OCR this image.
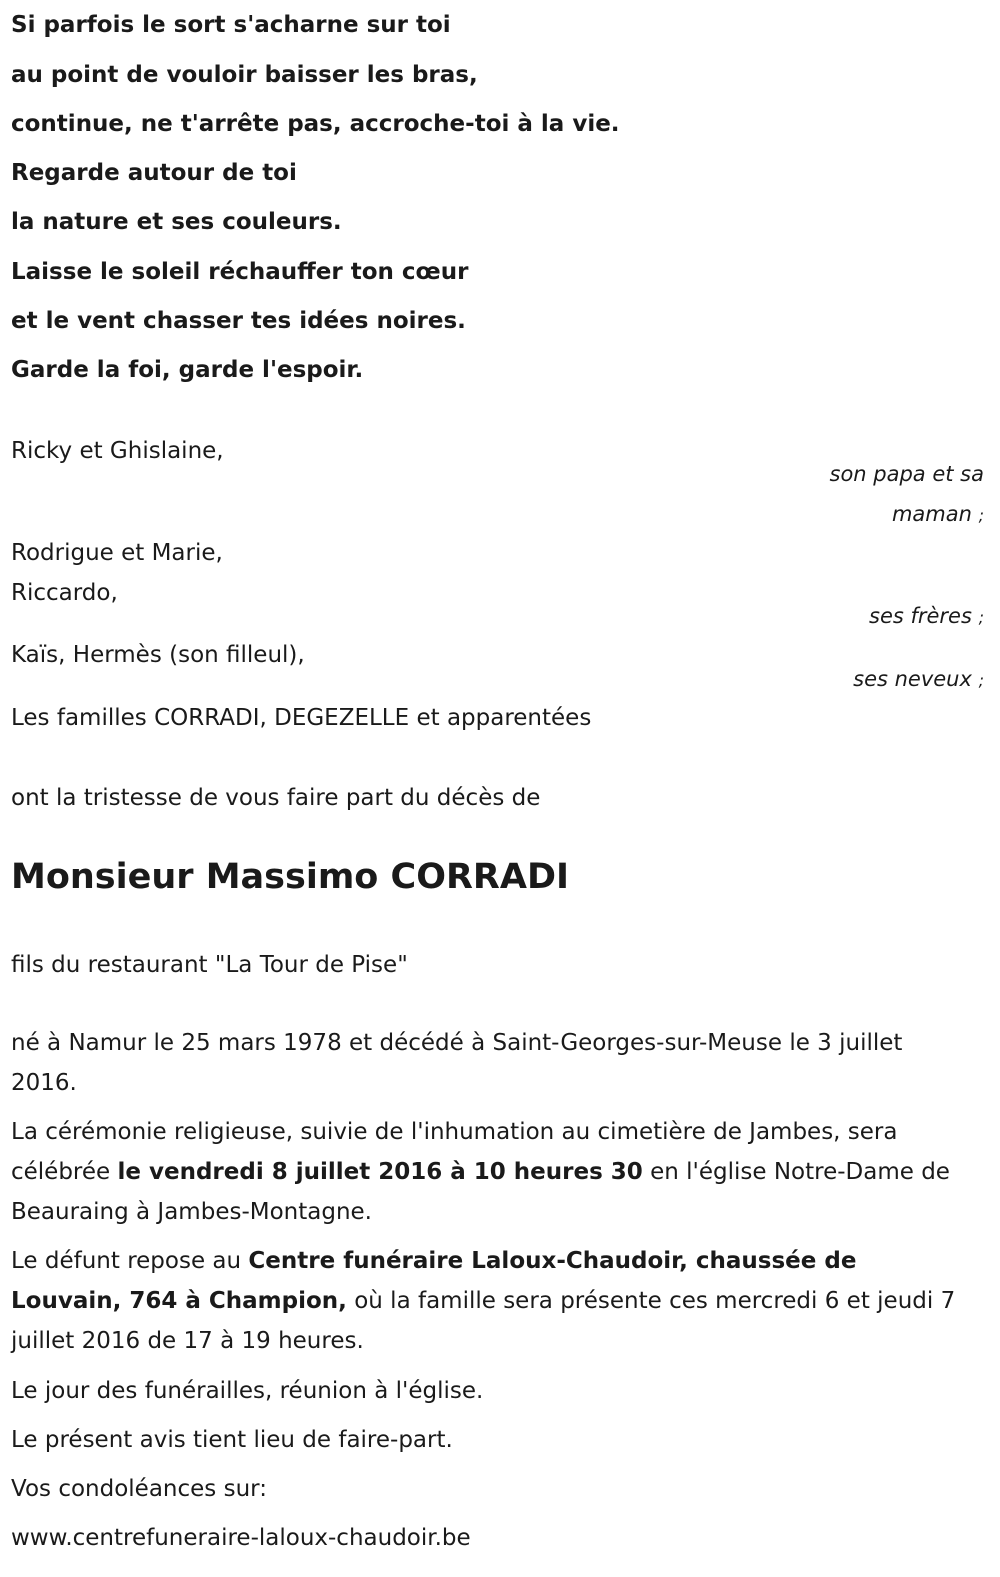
Si parfois le sort s'acharne sur toi
au point de vouloir baisser les bras,
continue, ne t'arrête pas, accroche-toi à la vie.
Regarde autour de toi
la nature et ses couleurs.
Laisse le soleil réchauffer ton cœur
et le vent chasser tes idées noires.
Garde la foi, garde l'espoir.
Ricky et Ghislaine,
son papa et sa
maman ;
Rodrigue et Marie,
Riccardo,
ses frères ;
Kaïs, Hermès (son filleul),
ses neveux ;
Les familles CORRADI, DEGEZELLE et apparentées
ont la tristesse de vous faire part du décès de
Monsieur Massimo CORRADI
fils du restaurant "La Tour de Pise"
né à Namur le 25 mars 1978 et décédé à Saint-Georges-sur-Meuse le 3 juillet 2016.
La cérémonie religieuse, suivie de l'inhumation au cimetière de Jambes, sera célébrée le vendredi 8 juillet 2016 à 10 heures 30 en l'église Notre-Dame de Beauraing à Jambes-Montagne.
Le défunt repose au Centre funéraire Laloux-Chaudoir, chaussée de Louvain, 764 à Champion, où la famille sera présente ces mercredi 6 et jeudi 7 juillet 2016 de 17 à 19 heures.
Le jour des funérailles, réunion à l'église.
Le présent avis tient lieu de faire-part.
Vos condoléances sur:
www.centrefuneraire-laloux-chaudoir.be
